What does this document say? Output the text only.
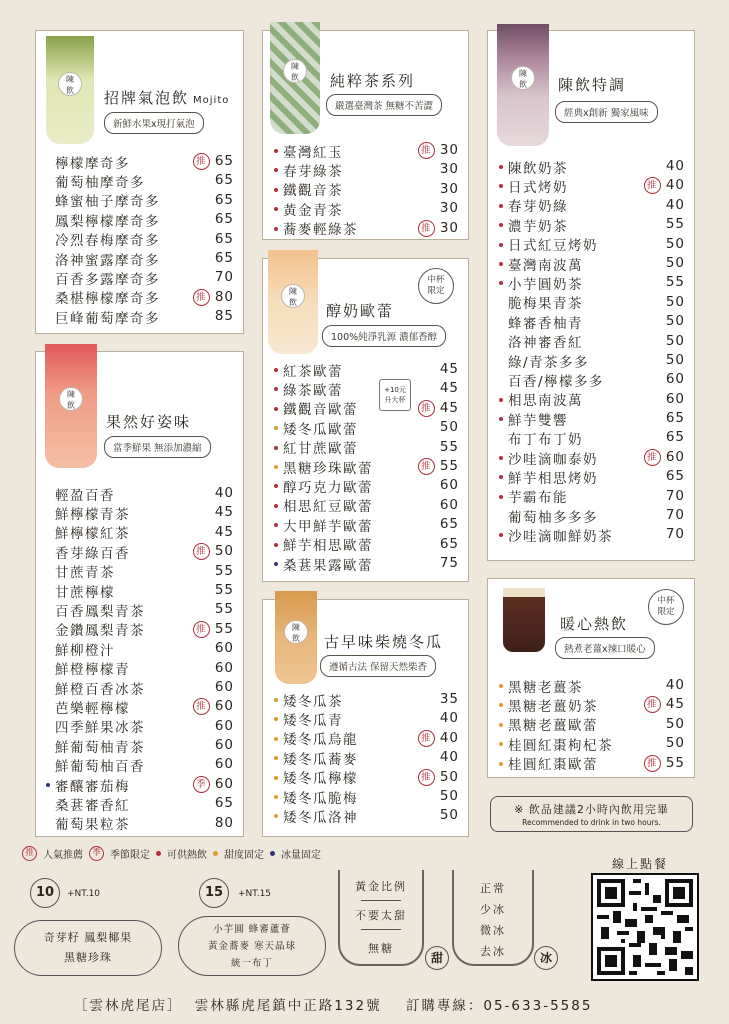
陳
飲	招牌氣泡飲 Mojito
新鮮水果x現打氣泡
檸檬摩奇多	推 65
葡萄柚摩奇多	65
蜂蜜柚子摩奇多	65
鳳梨檸檬摩奇多	65
冷烈春梅摩奇多	65
洛神蜜露摩奇多	65
百香多露摩奇多	70
桑椹檸檬摩奇多	推 80
巨峰葡萄摩奇多	85
陳
飲
果然好姿味
當季鮮果 無添加濃縮
輕盈百香	40
鮮檸檬青茶	45
鮮檸檬紅茶	45
香芽綠百香	推 50
甘蔗青茶	55
甘蔗檸檬	55
百香鳳梨青茶	55
金鑽鳳梨青茶	推 55
鮮柳橙汁	60
鮮橙檸檬青	60
鮮橙百香冰茶	60
芭樂輕檸檬	推 60
四季鮮果冰茶	60
鮮葡萄柚青茶	60
鮮葡萄柚百香	60
審釀審茄梅	季 60
桑葚審香紅	65
葡萄果粒茶	80
陳
飲	純粹茶系列
嚴選臺灣茶 無糖不苦澀
臺灣紅玉	推 30
春芽綠茶	30
鐵觀音茶	30
黃金青茶	30
蕎麥輕綠茶	推 30
陳
飲
中杯
限定
醇奶歐蕾
100%純淨乳源 濃郁香醇
+10元
升大杯
紅茶歐蕾	45
綠茶歐蕾	45
鐵觀音歐蕾	推 45
矮冬瓜歐蕾	50
紅甘蔗歐蕾	55
黑糖珍珠歐蕾	推 55
醇巧克力歐蕾	60
相思紅豆歐蕾	60
大甲鮮芋歐蕾	65
鮮芋相思歐蕾	65
桑葚果露歐蕾	75
陳
飲	古早味柴燒冬瓜
遵循古法 保留天然柴香
矮冬瓜茶	35
矮冬瓜青	40
矮冬瓜烏龍	推 40
矮冬瓜蕎麥	40
矮冬瓜檸檬	推 50
矮冬瓜脆梅	50
矮冬瓜洛神	50
陳
飲	陳飲特調
經典x創新 獨家風味
陳飲奶茶	40
日式烤奶	推 40
春芽奶綠	40
濃芋奶茶	55
日式紅豆烤奶	50
臺灣南波萬	50
小芋圓奶茶	55
脆梅果青茶	50
蜂審香柚青	50
洛神審香紅	50
綠/青茶多多	50
百香/檸檬多多	60
相思南波萬	60
鮮芋雙響	65
布丁布丁奶	65
沙哇滴咖泰奶	推 60
鮮芋相思烤奶	65
芋霸布能	70
葡萄柚多多多	70
沙哇滴咖鮮奶茶	70
中杯
限定
暖心熱飲
熱煮老薑x辣口暖心
黑糖老薑茶	40
黑糖老薑奶茶	推 45
黑糖老薑歐蕾	50
桂圓紅棗枸杞茶	50
桂圓紅棗歐蕾	推 55
※ 飲品建議2小時內飲用完畢
Recommended to drink in two hours.
推 人氣推薦	季 季節限定 可供熱飲 甜度固定 冰量固定
10	+NT.10
奇芽籽 鳳梨椰果
黑糖珍珠
15	+NT.15
小芋圓 蜂審蘆薈
黃金蕎麥 寒天晶球
統一布丁
黃金比例
不要太甜
無糖
甜
正常
少冰
微冰
去冰	冰
線上點餐
［雲林虎尾店］ 雲林縣虎尾鎮中正路132號 訂購專線：05-633-5585
